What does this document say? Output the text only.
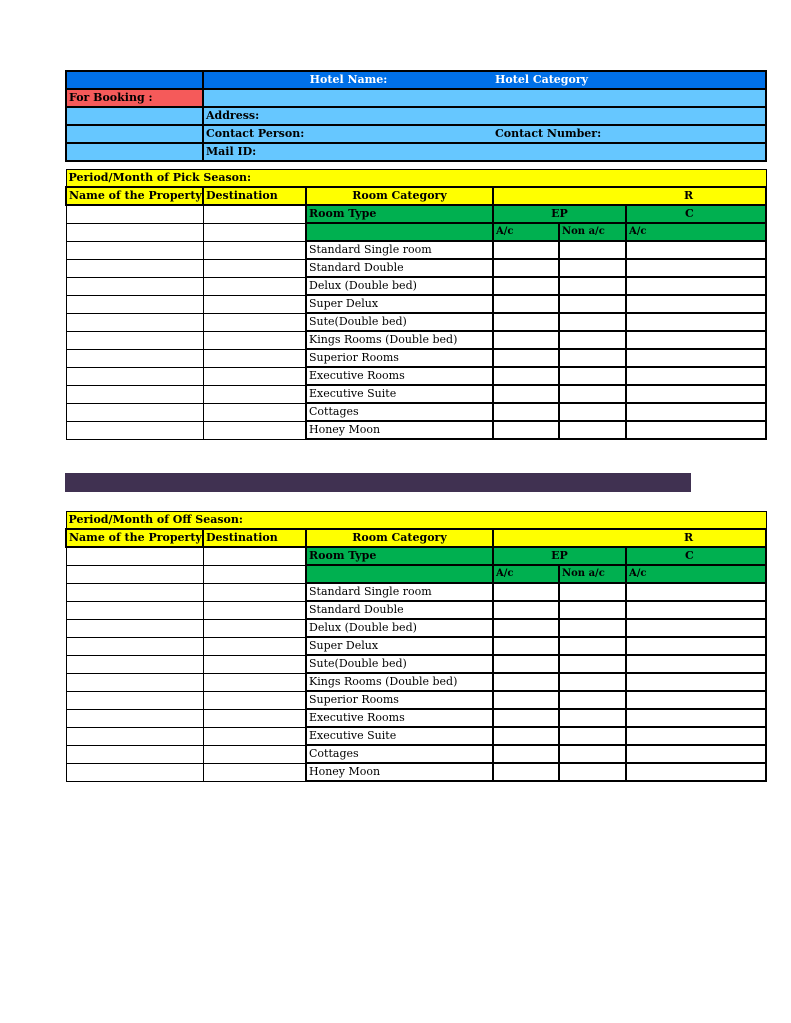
	Hotel Name:	Hotel Category
For Booking :		
	Address:	
	Contact Person:	Contact Number:
	Mail ID:	
Period/Month of Pick Season:					
Name of the Property	Destination	Room Category	R		
		Room Type	EP		C
			A/c	Non a/c	A/c
		Standard Single room			
		Standard Double			
		Delux (Double bed)			
		Super Delux			
		Sute(Double bed)			
		Kings Rooms (Double bed)			
		Superior Rooms			
		Executive Rooms			
		Executive Suite			
		Cottages			
		Honey Moon			
Period/Month of Off Season:					
Name of the Property	Destination	Room Category	R		
		Room Type	EP		C
			A/c	Non a/c	A/c
		Standard Single room			
		Standard Double			
		Delux (Double bed)			
		Super Delux			
		Sute(Double bed)			
		Kings Rooms (Double bed)			
		Superior Rooms			
		Executive Rooms			
		Executive Suite			
		Cottages			
		Honey Moon			
